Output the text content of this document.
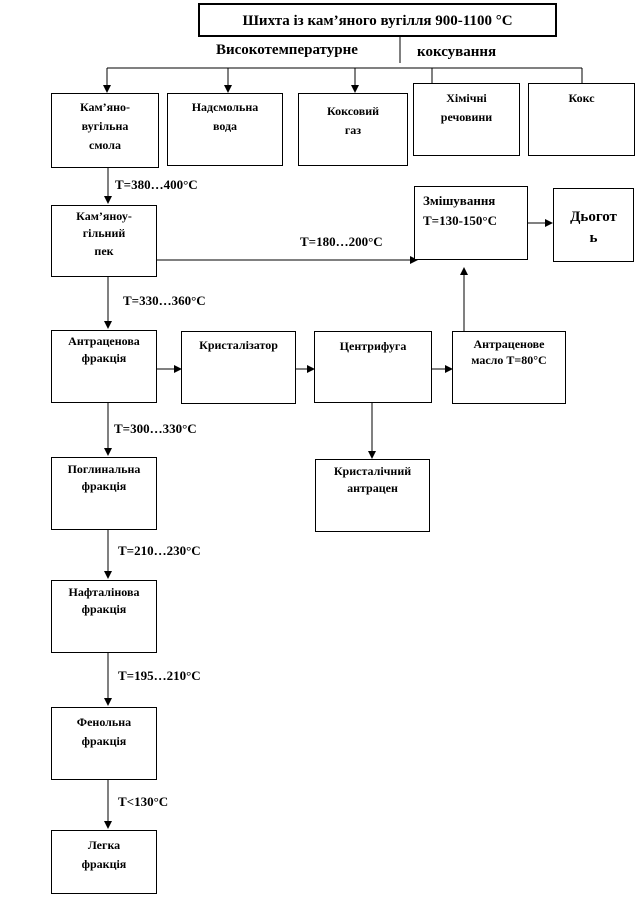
Шихта із кам’яного вугілля 900-1100 °С
Високотемпературне	коксування
Кам’яно-
вугільна
смола
Надсмольна
вода
Коксовий
газ
Хімічні
речовини
Кокс
Кам’яноу-
гільний
пек
Антраценова
фракція
Поглинальна
фракція
Нафталінова
фракція
Фенольна
фракція
Легка
фракція
Кристалізатор	Центрифуга	Антраценове
масло Т=80°С
Кристалічний
антрацен
Змішування
Т=130-150°С	Дьогот
ь
Т=380…400°С
Т=330…360°С
Т=300…330°С
Т=210…230°С
Т=195…210°С
Т<130°С
Т=180…200°С
